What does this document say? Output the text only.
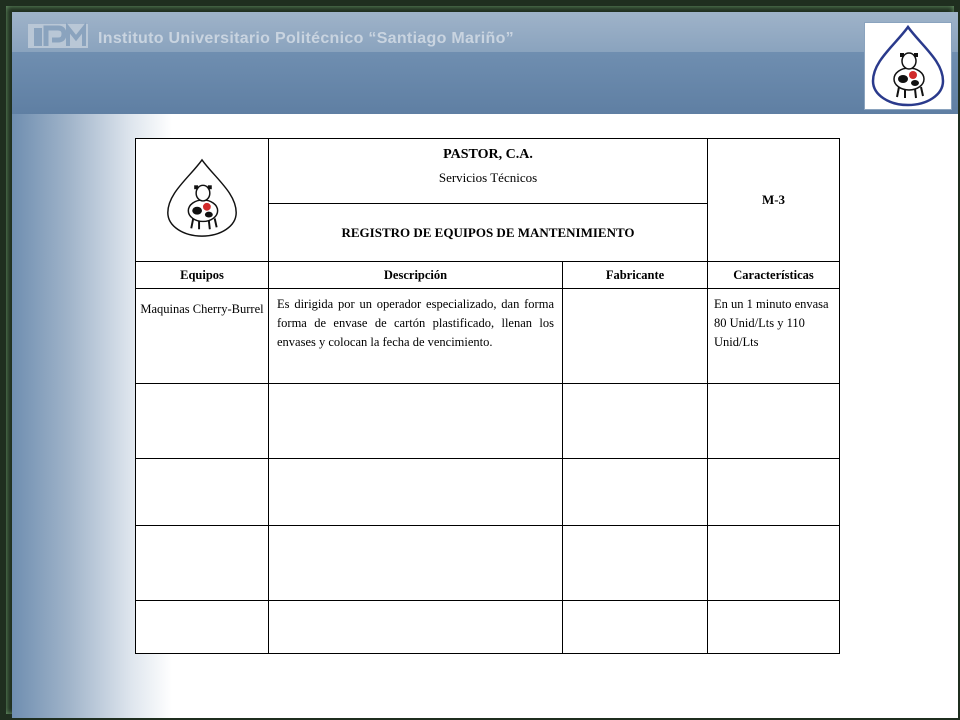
Instituto Universitario Politécnico “Santiago Mariño”

PASTOR, C.A.
Servicios Técnicos		M-3
	REGISTRO DE EQUIPOS DE MANTENIMIENTO		
Equipos	Descripción	Fabricante	Características
Maquinas Cherry-Burrel	Es dirigida por un operador especializado, dan forma forma de envase de cartón plastificado, llenan los envases y colocan la fecha de vencimiento.		En un 1 minuto envasa 80 Unid/Lts y 110 Unid/Lts
